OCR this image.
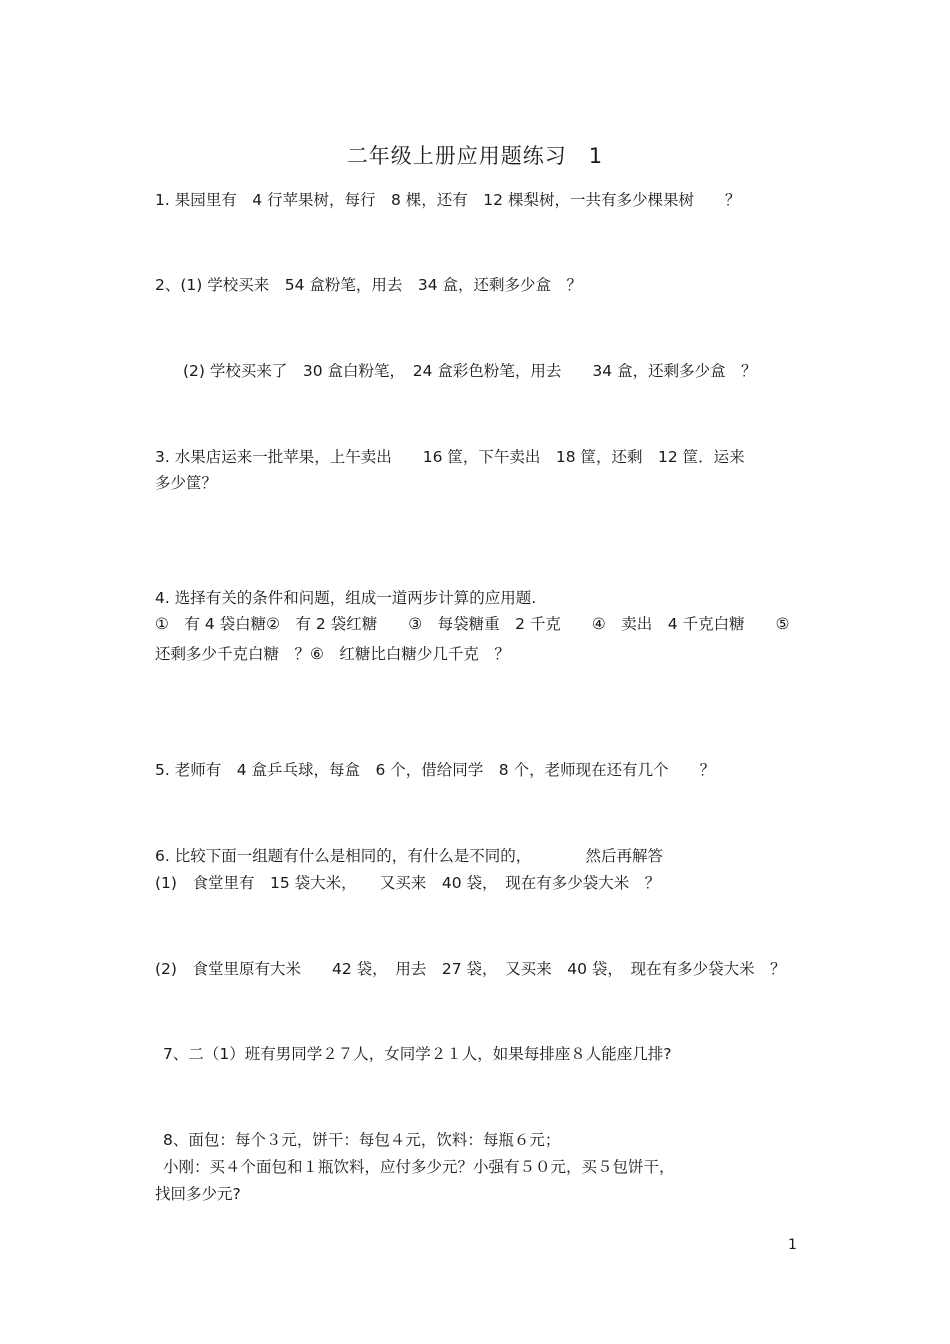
二年级上册应用题练习　1
1. 果园里有　4 行苹果树，每行　8 棵，还有　12 棵梨树，一共有多少棵果树　　？
2、(1) 学校买来　54 盒粉笔，用去　34 盒，还剩多少盒　？
(2) 学校买来了　30 盒白粉笔，　24 盒彩色粉笔，用去　　34 盒，还剩多少盒　？
3. 水果店运来一批苹果，上午卖出　　16 筐，下午卖出　18 筐，还剩　12 筐．运来
多少筐？
4. 选择有关的条件和问题，组成一道两步计算的应用题.
①　有 4 袋白糖②　有 2 袋红糖　　③　每袋糖重　2 千克　　④　卖出　4 千克白糖　　⑤
还剩多少千克白糖　？⑥　红糖比白糖少几千克　？
5. 老师有　4 盒乒乓球，每盒　6 个，借给同学　8 个，老师现在还有几个　　？
6. 比较下面一组题有什么是相同的，有什么是不同的，　　　　然后再解答
(1)　食堂里有　15 袋大米，　　又买来　40 袋，　现在有多少袋大米　？
(2)　食堂里原有大米　　42 袋，　用去　27 袋，　又买来　40 袋，　现在有多少袋大米　？
7、二（1）班有男同学２７人，女同学２１人，如果每排座８人能座几排?
8、面包：每个３元，饼干：每包４元，饮料：每瓶６元；
小刚：买４个面包和１瓶饮料，应付多少元？小强有５０元，买５包饼干，
找回多少元?
1
